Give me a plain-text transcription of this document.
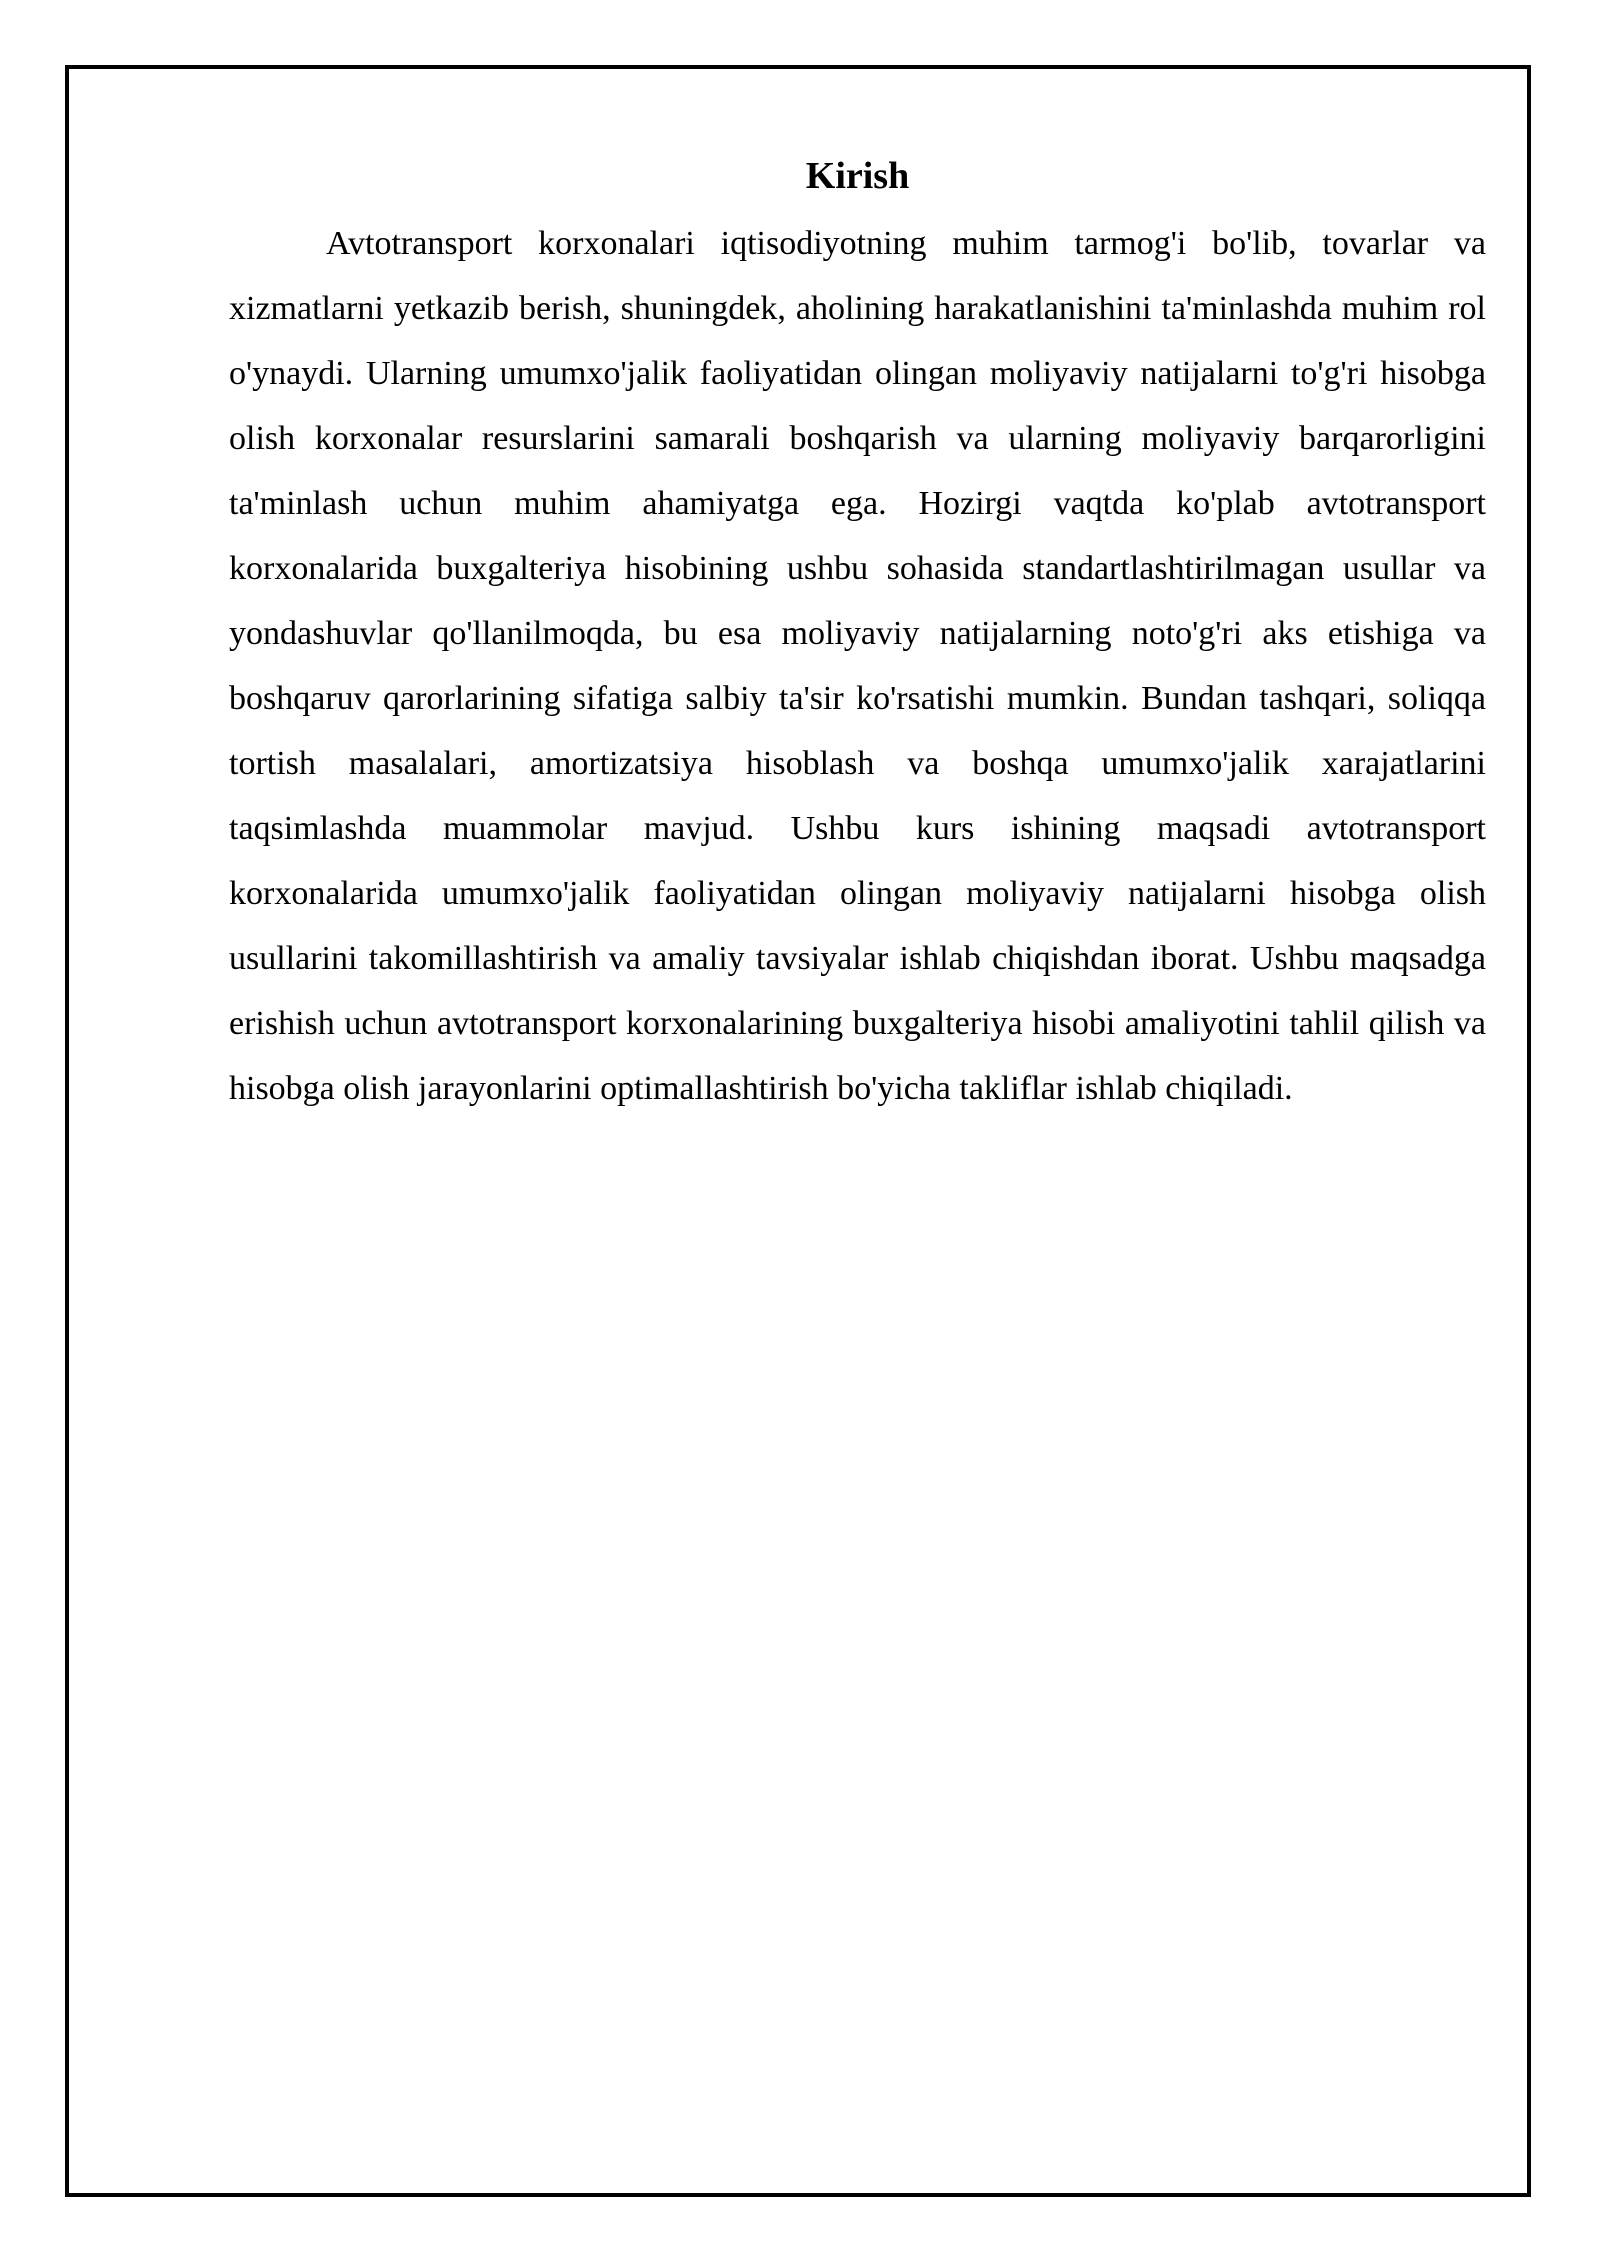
Kirish

Avtotransport korxonalari iqtisodiyotning muhim tarmog'i bo'lib, tovarlar va xizmatlarni yetkazib berish, shuningdek, aholining harakatlanishini ta'minlashda muhim rol o'ynaydi. Ularning umumxo'jalik faoliyatidan olingan moliyaviy natijalarni to'g'ri hisobga olish korxonalar resurslarini samarali boshqarish va ularning moliyaviy barqarorligini ta'minlash uchun muhim ahamiyatga ega. Hozirgi vaqtda ko'plab avtotransport korxonalarida buxgalteriya hisobining ushbu sohasida standartlashtirilmagan usullar va yondashuvlar qo'llanilmoqda, bu esa moliyaviy natijalarning noto'g'ri aks etishiga va boshqaruv qarorlarining sifatiga salbiy ta'sir ko'rsatishi mumkin. Bundan tashqari, soliqqa tortish masalalari, amortizatsiya hisoblash va boshqa umumxo'jalik xarajatlarini taqsimlashda muammolar mavjud. Ushbu kurs ishining maqsadi avtotransport korxonalarida umumxo'jalik faoliyatidan olingan moliyaviy natijalarni hisobga olish usullarini takomillashtirish va amaliy tavsiyalar ishlab chiqishdan iborat. Ushbu maqsadga erishish uchun avtotransport korxonalarining buxgalteriya hisobi amaliyotini tahlil qilish va hisobga olish jarayonlarini optimallashtirish bo'yicha takliflar ishlab chiqiladi.
